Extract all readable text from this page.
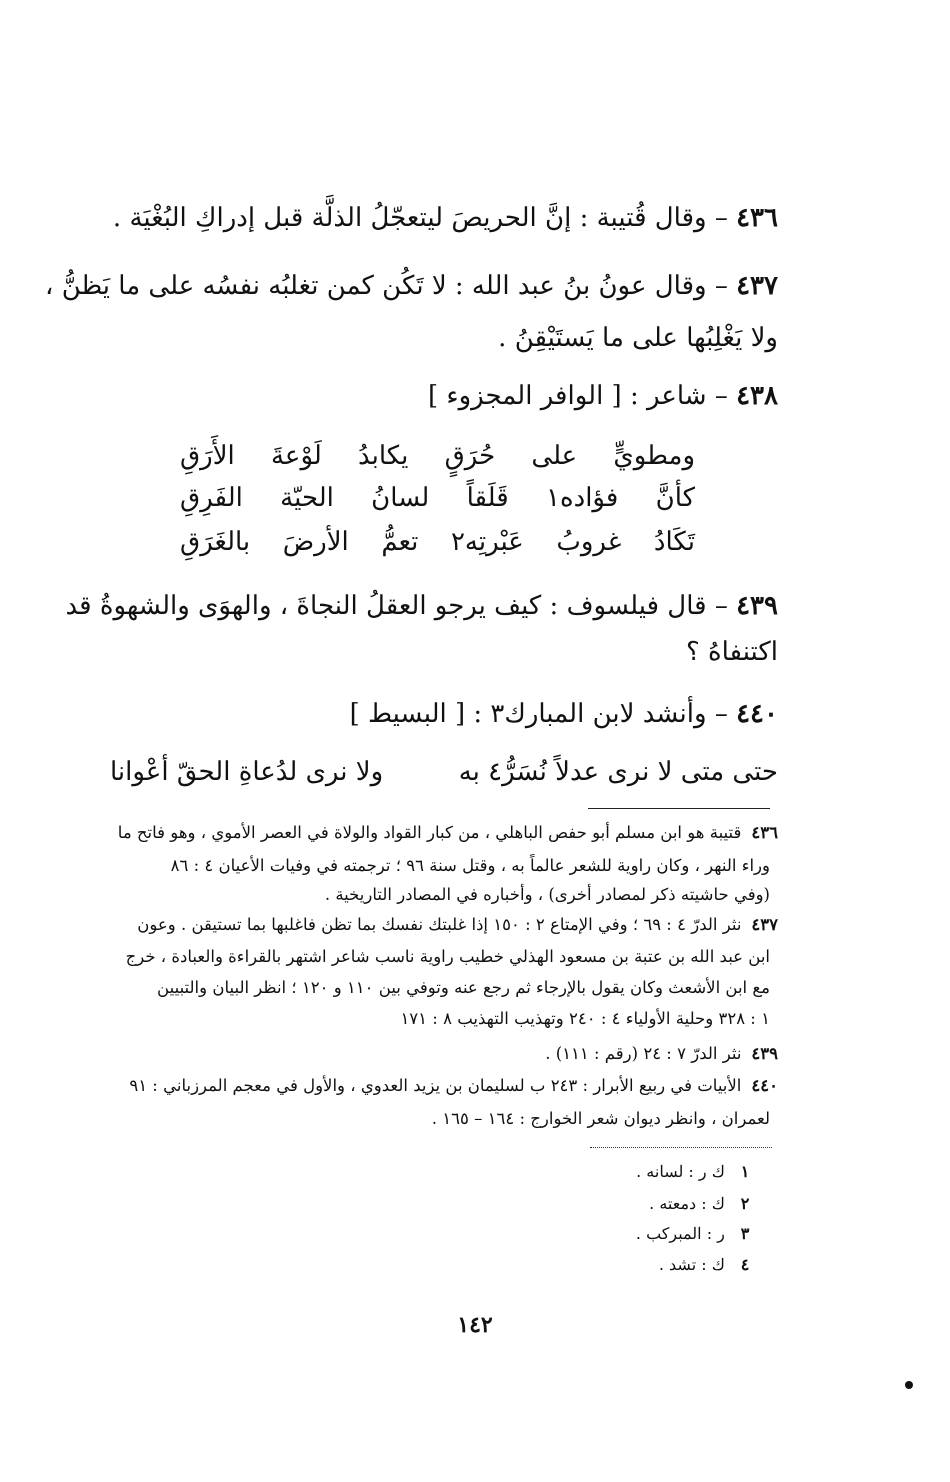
٤٣٦ – وقال قُتيبة : إنَّ الحريصَ ليتعجّلُ الذلَّة قبل إدراكِ البُغْيَة .
٤٣٧ – وقال عونُ بنُ عبد الله : لا تَكُن كمن تغلبُه نفسُه على ما يَظنُّ ،
ولا يَغْلِبُها على ما يَستَيْقِنُ .
٤٣٨ – شاعر : [ الوافر المجزوء ]
ومطويٍّ
على
حُرَقٍ
يكابدُ
لَوْعةَ
الأَرَقِ
كأنَّ
فؤاده١
قَلَقاً
لسانُ
الحيّة
الفَرِقِ
تَكَادُ
غروبُ
عَبْرتِه٢
تعمُّ
الأرضَ
بالغَرَقِ
٤٣٩ – قال فيلسوف : كيف يرجو العقلُ النجاةَ ، والهوَى والشهوةُ قد
اكتنفاهُ ؟
٤٤٠ – وأنشد لابن المبارك٣ : [ البسيط ]
حتى متى لا نرى عدلاً نُسَرُّ٤ به
ولا نرى لدُعاةِ الحقّ أعْوانا
٤٣٦قتيبة هو ابن مسلم أبو حفص الباهلي ، من كبار القواد والولاة في العصر الأموي ، وهو فاتح ما
وراء النهر ، وكان راوية للشعر عالماً به ، وقتل سنة ٩٦ ؛ ترجمته في وفيات الأعيان ٤ : ٨٦
(وفي حاشيته ذكر لمصادر أخرى) ، وأخباره في المصادر التاريخية .
٤٣٧نثر الدرّ ٤ : ٦٩ ؛ وفي الإمتاع ٢ : ١٥٠ إذا غلبتك نفسك بما تظن فاغلبها بما تستيقن . وعون
ابن عبد الله بن عتبة بن مسعود الهذلي خطيب راوية ناسب شاعر اشتهر بالقراءة والعبادة ، خرج
مع ابن الأشعث وكان يقول بالإرجاء ثم رجع عنه وتوفي بين ١١٠ و ١٢٠ ؛ انظر البيان والتبيين
١ : ٣٢٨ وحلية الأولياء ٤ : ٢٤٠ وتهذيب التهذيب ٨ : ١٧١
٤٣٩نثر الدرّ ٧ : ٢٤ (رقم : ١١١) .
٤٤٠الأبيات في ربيع الأبرار : ٢٤٣ ب لسليمان بن يزيد العدوي ، والأول في معجم المرزباني : ٩١
لعمران ، وانظر ديوان شعر الخوارج : ١٦٤ – ١٦٥ .
١ ك ر : لسانه .
٢ ك : دمعته .
٣ ر : المبركب .
٤ ك : تشد .
١٤٢
